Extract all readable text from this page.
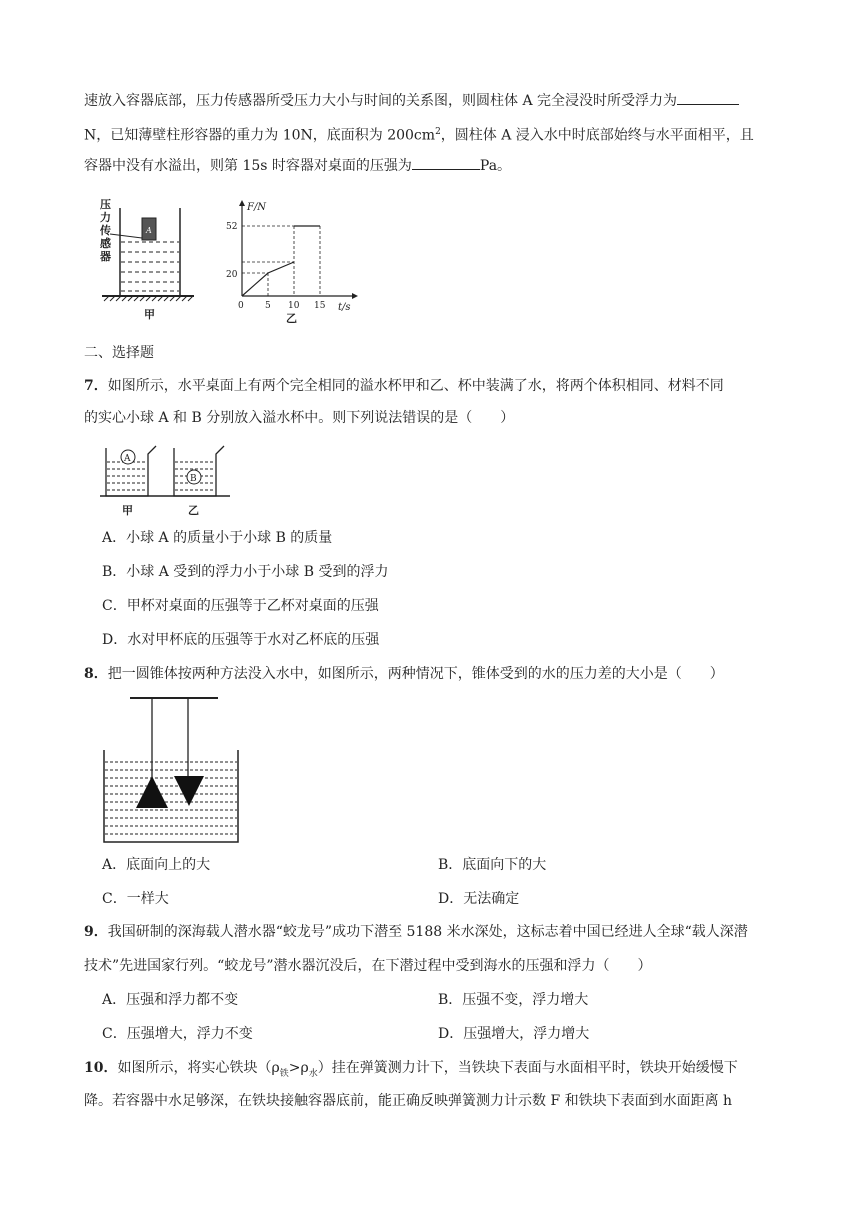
速放入容器底部，压力传感器所受压力大小与时间的关系图，则圆柱体 A 完全浸没时所受浮力为
N，已知薄壁柱形容器的重力为 10N，底面积为 $200cm^2$，圆柱体 A 浸入水中时底部始终与水平面相平，且
容器中没有水溢出，则第 15s 时容器对桌面的压强为	Pa。
A
压力传感器
甲
F/N
t/s
52
20
0 5 10 15
乙
二、选择题
7．如图所示，水平桌面上有两个完全相同的溢水杯甲和乙、杯中装满了水，将两个体积相同、材料不同
的实心小球 A 和 B 分别放入溢水杯中。则下列说法错误的是（　　）
A
B
甲	乙
A．小球 A 的质量小于小球 B 的质量
B．小球 A 受到的浮力小于小球 B 受到的浮力
C．甲杯对桌面的压强等于乙杯对桌面的压强
D．水对甲杯底的压强等于水对乙杯底的压强
8．把一圆锥体按两种方法没入水中，如图所示，两种情况下，锥体受到的水的压力差的大小是（　　）
A．底面向上的大	B．底面向下的大
C．一样大	D．无法确定
9．我国研制的深海载人潜水器“蛟龙号”成功下潜至 5188 米水深处，这标志着中国已经进人全球“载人深潜
技术”先进国家行列。“蛟龙号”潜水器沉没后，在下潜过程中受到海水的压强和浮力（　　）
A．压强和浮力都不变	B．压强不变，浮力增大
C．压强增大，浮力不变	D．压强增大，浮力增大
10．如图所示，将实心铁块$(\rho_铁>\rho_水)$挂在弹簧测力计下，当铁块下表面与水面相平时，铁块开始缓慢下
降。若容器中水足够深，在铁块接触容器底前，能正确反映弹簧测力计示数 F 和铁块下表面到水面距离 h
